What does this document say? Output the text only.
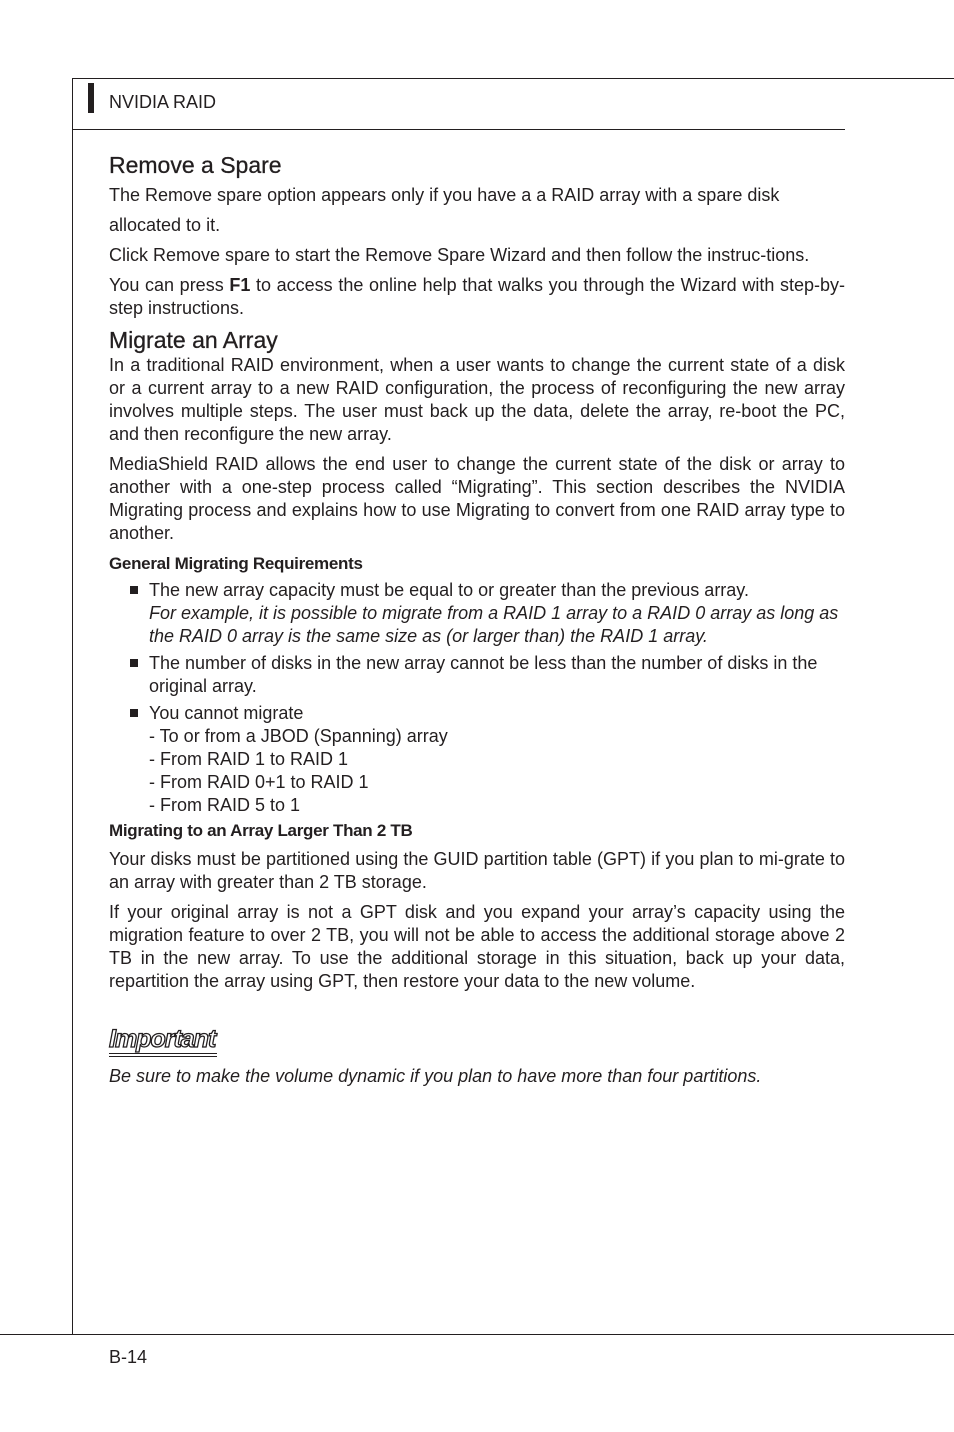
NVIDIA RAID
Remove a Spare

The Remove spare option appears only if you have a a RAID array with a spare disk
allocated to it.

Click Remove spare to start the Remove Spare Wizard and then follow the instruc-tions.

You can press F1 to access the online help that walks you through the Wizard with step-by-step instructions.

Migrate an Array

In a traditional RAID environment, when a user wants to change the current state of a disk or a current array to a new RAID configuration, the process of reconfiguring the new array involves multiple steps. The user must back up the data, delete the array, re-boot the PC, and then reconfigure the new array.

MediaShield RAID allows the end user to change the current state of the disk or array to another with a one-step process called “Migrating”. This section describes the NVIDIA Migrating process and explains how to use Migrating to convert from one RAID array type to another.

General Migrating Requirements
The new array capacity must be equal to or greater than the previous array.
For example, it is possible to migrate from a RAID 1 array to a RAID 0 array as long as the RAID 0 array is the same size as (or larger than) the RAID 1 array.
The number of disks in the new array cannot be less than the number of disks in the original array.
You cannot migrate
- To or from a JBOD (Spanning) array
- From RAID 1 to RAID 1
- From RAID 0+1 to RAID 1
- From RAID 5 to 1
Migrating to an Array Larger Than 2 TB

Your disks must be partitioned using the GUID partition table (GPT) if you plan to mi-grate to an array with greater than 2 TB storage.

If your original array is not a GPT disk and you expand your array’s capacity using the migration feature to over 2 TB, you will not be able to access the additional storage above 2 TB in the new array. To use the additional storage in this situation, back up your data, repartition the array using GPT, then restore your data to the new volume.

Important
Be sure to make the volume dynamic if you plan to have more than four partitions.
B-14
